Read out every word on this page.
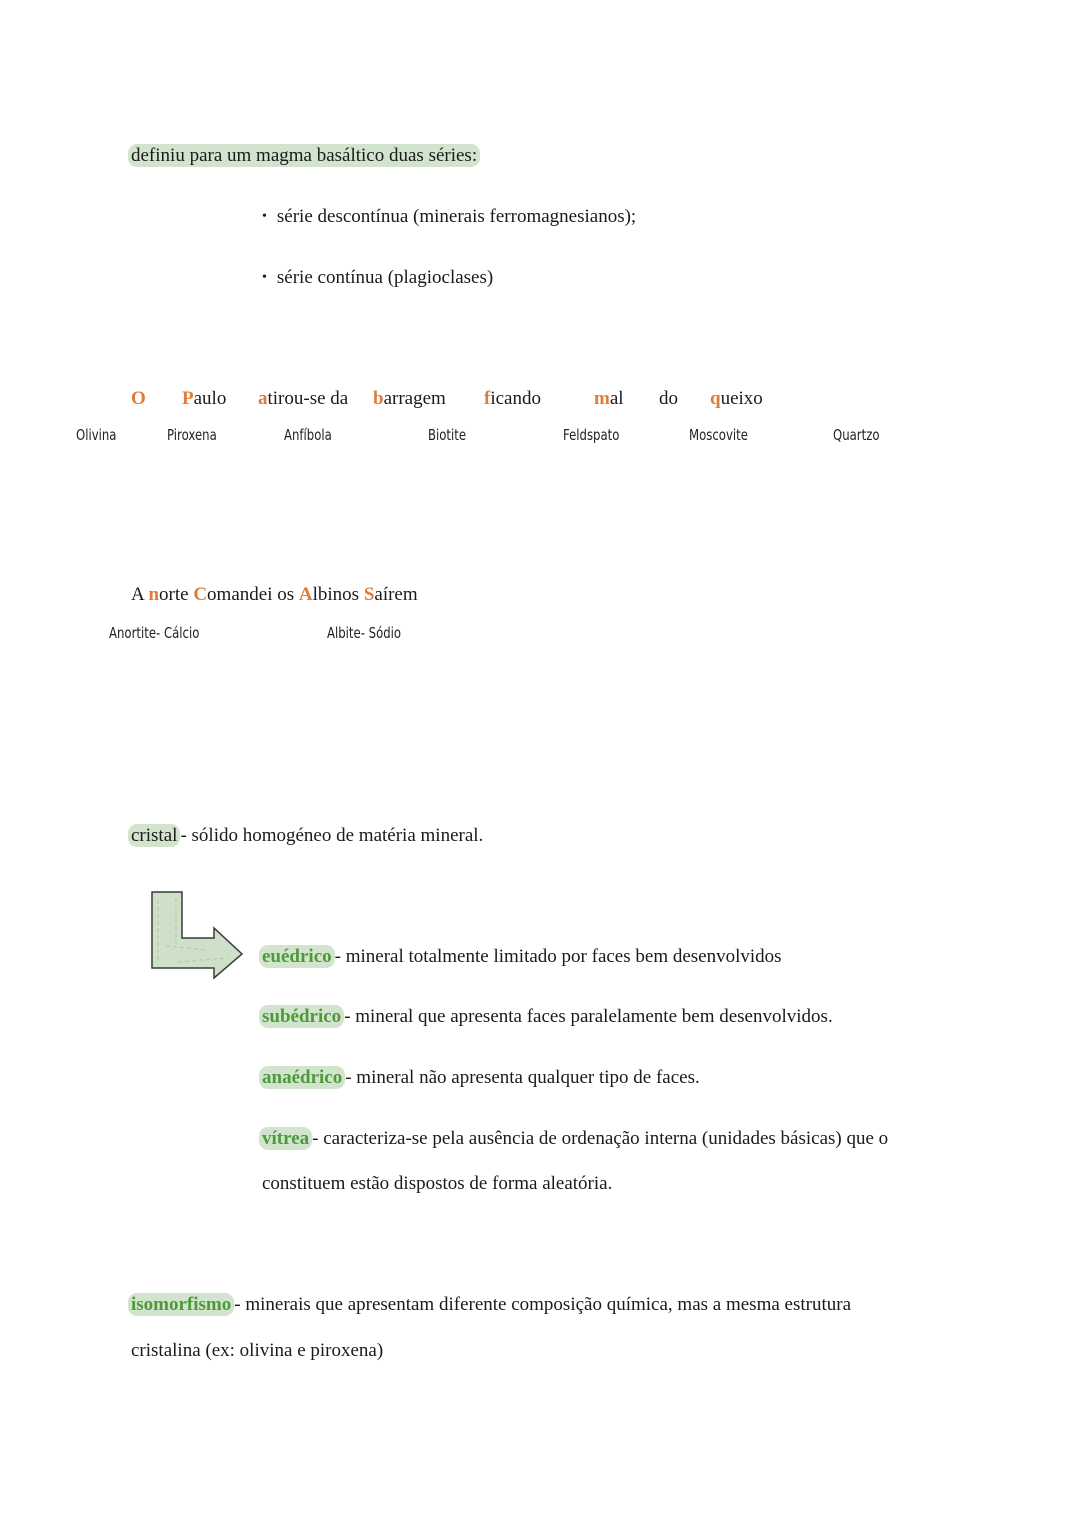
definiu para um magma basáltico duas séries:
• série descontínua (minerais ferromagnesianos);
• série contínua (plagioclases)
O Paulo atirou-se da barragem ficando	mal do queixo
Olivina	Piroxena	Anfíbola	Biotite	Feldspato	Moscovite	Quartzo
A norte Comandei os Albinos Saírem
Anortite- Cálcio	Albite- Sódio
cristal - sólido homogéneo de matéria mineral.
euédrico - mineral totalmente limitado por faces bem desenvolvidos
subédrico - mineral que apresenta faces paralelamente bem desenvolvidos.
anaédrico - mineral não apresenta qualquer tipo de faces.
vítrea - caracteriza-se pela ausência de ordenação interna (unidades básicas) que o
constituem estão dispostos de forma aleatória.
isomorfismo - minerais que apresentam diferente composição química, mas a mesma estrutura
cristalina (ex: olivina e piroxena)
